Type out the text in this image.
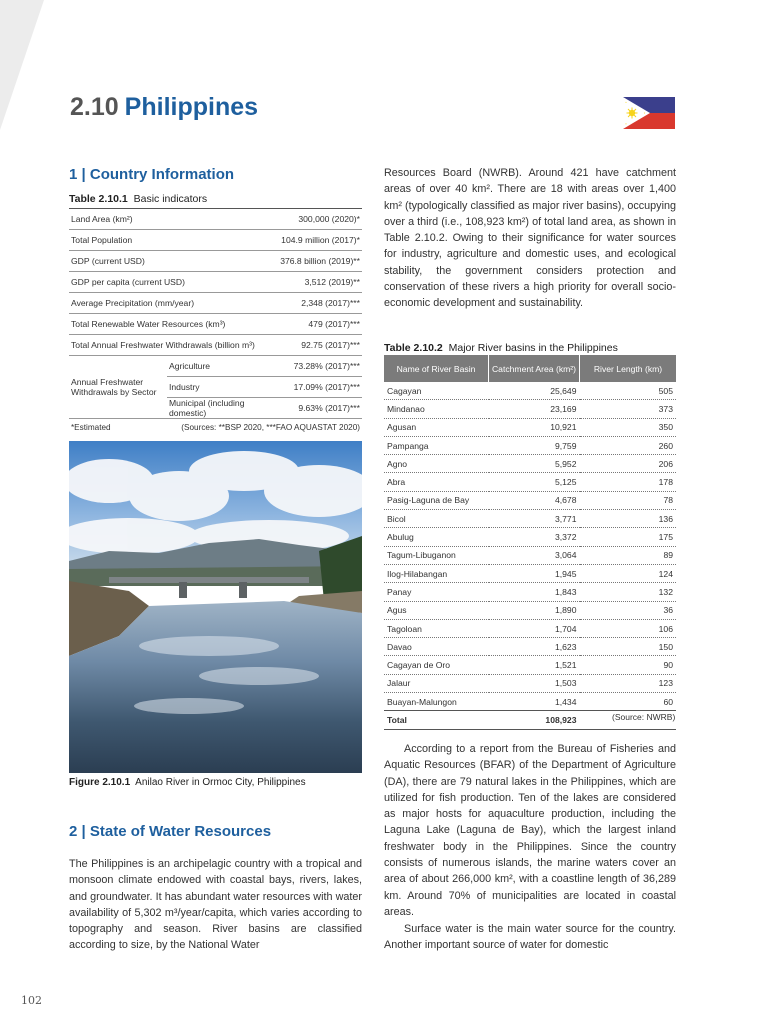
2.10 Philippines
1 | Country Information
Table 2.10.1 Basic indicators
Land Area (km²)		300,000 (2020)*
Total Population		104.9 million (2017)*
GDP (current USD)		376.8 billion (2019)**
GDP per capita (current USD)		3,512 (2019)**
Average Precipitation (mm/year)		2,348 (2017)***
Total Renewable Water Resources (km³)		479 (2017)***
Total Annual Freshwater Withdrawals (billion m³)		92.75 (2017)***
Annual Freshwater Withdrawals by Sector	Agriculture	73.28% (2017)***
	Industry	17.09% (2017)***
	Municipal (including domestic)	9.63% (2017)***
*Estimated	(Sources: **BSP 2020, ***FAO AQUASTAT 2020)	
Figure 2.10.1 Anilao River in Ormoc City, Philippines
2 | State of Water Resources

The Philippines is an archipelagic country with a tropical and monsoon climate endowed with coastal bays, rivers, lakes, and groundwater. It has abundant water resources with water availability of 5,302 m³/year/capita, which varies according to topography and season. River basins are classified according to size, by the National Water

Resources Board (NWRB). Around 421 have catchment areas of over 40 km². There are 18 with areas over 1,400 km² (typologically classified as major river basins), occupying over a third (i.e., 108,923 km²) of total land area, as shown in Table 2.10.2. Owing to their significance for water sources for industry, agriculture and domestic uses, and ecological stability, the government considers protection and conservation of these rivers a high priority for overall socio-economic development and sustainability.

Table 2.10.2 Major River basins in the Philippines
Name of River Basin	Catchment Area (km²)	River Length (km)
Cagayan	25,649	505
Mindanao	23,169	373
Agusan	10,921	350
Pampanga	9,759	260
Agno	5,952	206
Abra	5,125	178
Pasig-Laguna de Bay	4,678	78
Bicol	3,771	136
Abulug	3,372	175
Tagum-Libuganon	3,064	89
Ilog-Hilabangan	1,945	124
Panay	1,843	132
Agus	1,890	36
Tagoloan	1,704	106
Davao	1,623	150
Cagayan de Oro	1,521	90
Jalaur	1,503	123
Buayan-Malungon	1,434	60
Total	108,923		(Source: NWRB)

According to a report from the Bureau of Fisheries and Aquatic Resources (BFAR) of the Department of Agriculture (DA), there are 79 natural lakes in the Philippines, which are utilized for fish production. Ten of the lakes are considered as major hosts for aquaculture production, including the Laguna Lake (Laguna de Bay), which the largest inland freshwater body in the Philippines. Since the country consists of numerous islands, the marine waters cover an area of about 266,000 km², with a coastline length of 36,289 km. Around 70% of municipalities are located in coastal areas.

Surface water is the main water source for the country. Another important source of water for domestic

102
